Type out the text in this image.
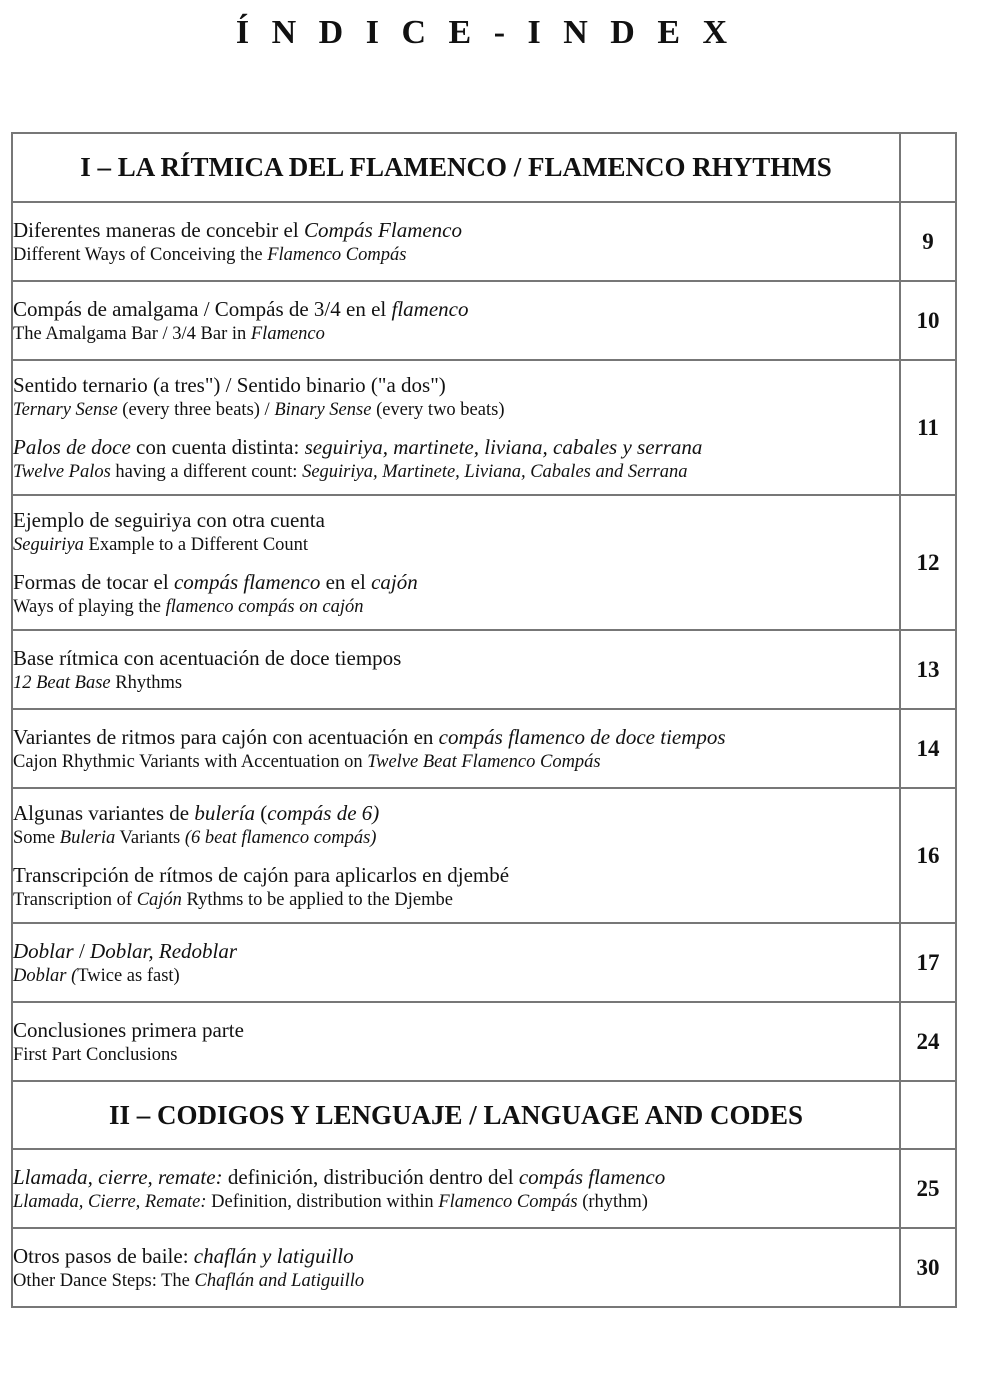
Í N D I C E - I N D E X
I – LA RÍTMICA DEL FLAMENCO / FLAMENCO RHYTHMS	

Diferentes maneras de concebir el Compás Flamenco
Different Ways of Conceiving the Flamenco Compás	9

Compás de amalgama / Compás de 3/4 en el flamenco
The Amalgama Bar / 3/4 Bar in Flamenco	10

Sentido ternario (a tres") / Sentido binario ("a dos")
Ternary Sense (every three beats) / Binary Sense (every two beats)
Palos de doce con cuenta distinta: seguiriya, martinete, liviana, cabales y serrana
Twelve Palos having a different count: Seguiriya, Martinete, Liviana, Cabales and Serrana	11

Ejemplo de seguiriya con otra cuenta
Seguiriya Example to a Different Count
Formas de tocar el compás flamenco en el cajón
Ways of playing the flamenco compás on cajón	12

Base rítmica con acentuación de doce tiempos
12 Beat Base Rhythms	13

Variantes de ritmos para cajón con acentuación en compás flamenco de doce tiempos
Cajon Rhythmic Variants with Accentuation on Twelve Beat Flamenco Compás	14

Algunas variantes de bulería (compás de 6)
Some Buleria Variants (6 beat flamenco compás)
Transcripción de rítmos de cajón para aplicarlos en djembé
Transcription of Cajón Rythms to be applied to the Djembe	16

Doblar / Doblar, Redoblar
Doblar (Twice as fast)	17

Conclusiones primera parte
First Part Conclusions	24
II – CODIGOS Y LENGUAJE / LANGUAGE AND CODES	

Llamada, cierre, remate: definición, distribución dentro del compás flamenco
Llamada, Cierre, Remate: Definition, distribution within Flamenco Compás (rhythm)	25

Otros pasos de baile: chaflán y latiguillo
Other Dance Steps: The Chaflán and Latiguillo	30
